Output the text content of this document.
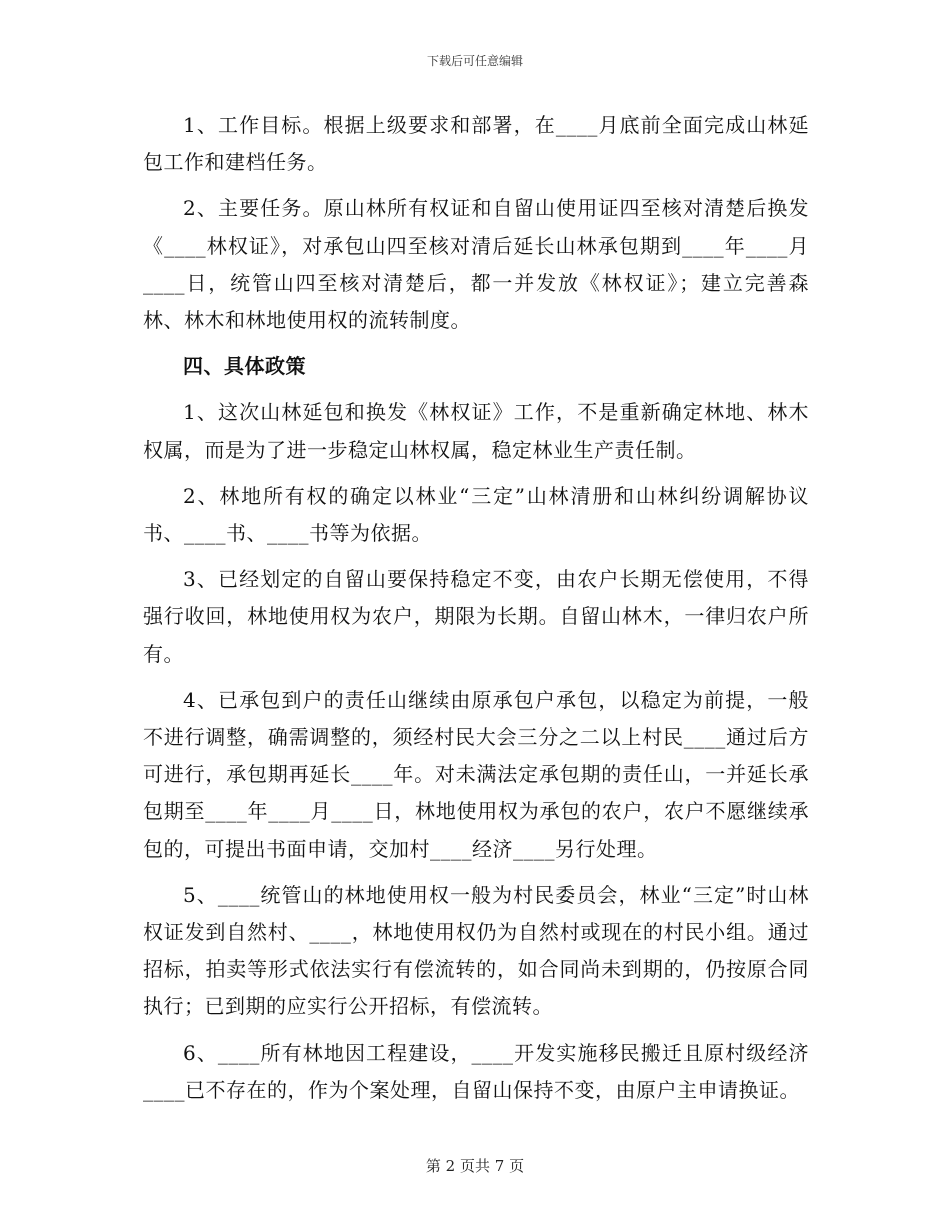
下载后可任意编辑

1、工作目标。根据上级要求和部署，在____月底前全面完成山林延包工作和建档任务。

2、主要任务。原山林所有权证和自留山使用证四至核对清楚后换发《____林权证》，对承包山四至核对清后延长山林承包期到____年____月____日，统管山四至核对清楚后，都一并发放《林权证》；建立完善森林、林木和林地使用权的流转制度。

四、具体政策

1、这次山林延包和换发《林权证》工作，不是重新确定林地、林木权属，而是为了进一步稳定山林权属，稳定林业生产责任制。

2、林地所有权的确定以林业“三定”山林清册和山林纠纷调解协议书、____书、____书等为依据。

3、已经划定的自留山要保持稳定不变，由农户长期无偿使用，不得强行收回，林地使用权为农户，期限为长期。自留山林木，一律归农户所有。

4、已承包到户的责任山继续由原承包户承包，以稳定为前提，一般不进行调整，确需调整的，须经村民大会三分之二以上村民____通过后方可进行，承包期再延长____年。对未满法定承包期的责任山，一并延长承包期至____年____月____日，林地使用权为承包的农户，农户不愿继续承包的，可提出书面申请，交加村____经济____另行处理。

5、____统管山的林地使用权一般为村民委员会，林业“三定”时山林权证发到自然村、____，林地使用权仍为自然村或现在的村民小组。通过招标，拍卖等形式依法实行有偿流转的，如合同尚未到期的，仍按原合同执行；已到期的应实行公开招标，有偿流转。

6、____所有林地因工程建设，____开发实施移民搬迁且原村级经济____已不存在的，作为个案处理，自留山保持不变，由原户主申请换证。

第 2 页共 7 页
